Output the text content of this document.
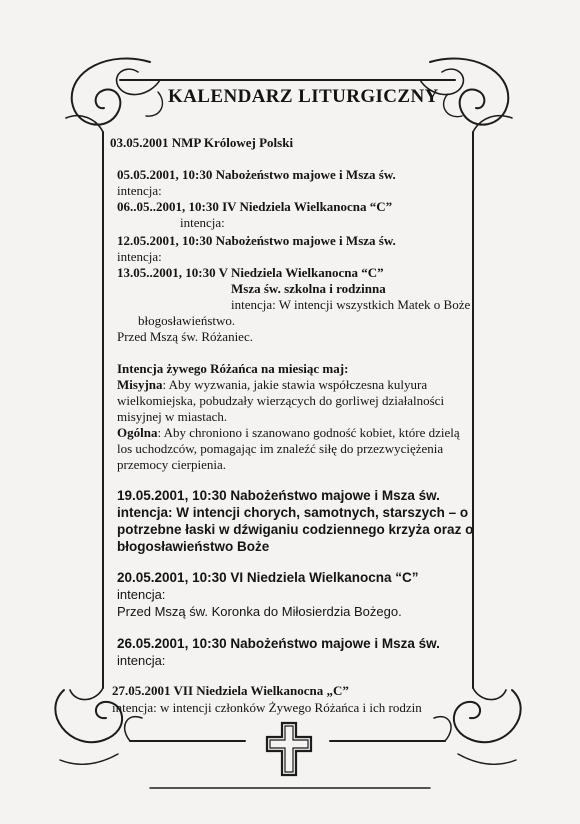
KALENDARZ LITURGICZNY
03.05.2001 NMP Królowej Polski
05.05.2001, 10:30 Nabożeństwo majowe i Msza św.
intencja:
06..05..2001, 10:30 IV Niedziela Wielkanocna “C”
intencja:
12.05.2001, 10:30 Nabożeństwo majowe i Msza św.
intencja:
13.05..2001, 10:30 V Niedziela Wielkanocna “C”
Msza św. szkolna i rodzinna
intencja: W intencji wszystkich Matek o Boże
błogosławieństwo.
Przed Mszą św. Różaniec.
Intencja żywego Różańca na miesiąc maj:
Misyjna: Aby wyzwania, jakie stawia współczesna kulyura
wielkomiejska, pobudzały wierzących do gorliwej działalności
misyjnej w miastach.
Ogólna: Aby chroniono i szanowano godność kobiet, które dzielą
los uchodzców, pomagając im znaleźć siłę do przezwyciężenia
przemocy cierpienia.
19.05.2001, 10:30 Nabożeństwo majowe i Msza św.
intencja: W intencji chorych, samotnych, starszych – o
potrzebne łaski w dźwiganiu codziennego krzyża oraz o
błogosławieństwo Boże
20.05.2001, 10:30 VI Niedziela Wielkanocna “C”
intencja:
Przed Mszą św. Koronka do Miłosierdzia Bożego.
26.05.2001, 10:30 Nabożeństwo majowe i Msza św.
intencja:
27.05.2001 VII Niedziela Wielkanocna „C”
intencja: w intencji członków Żywego Różańca i ich rodzin
